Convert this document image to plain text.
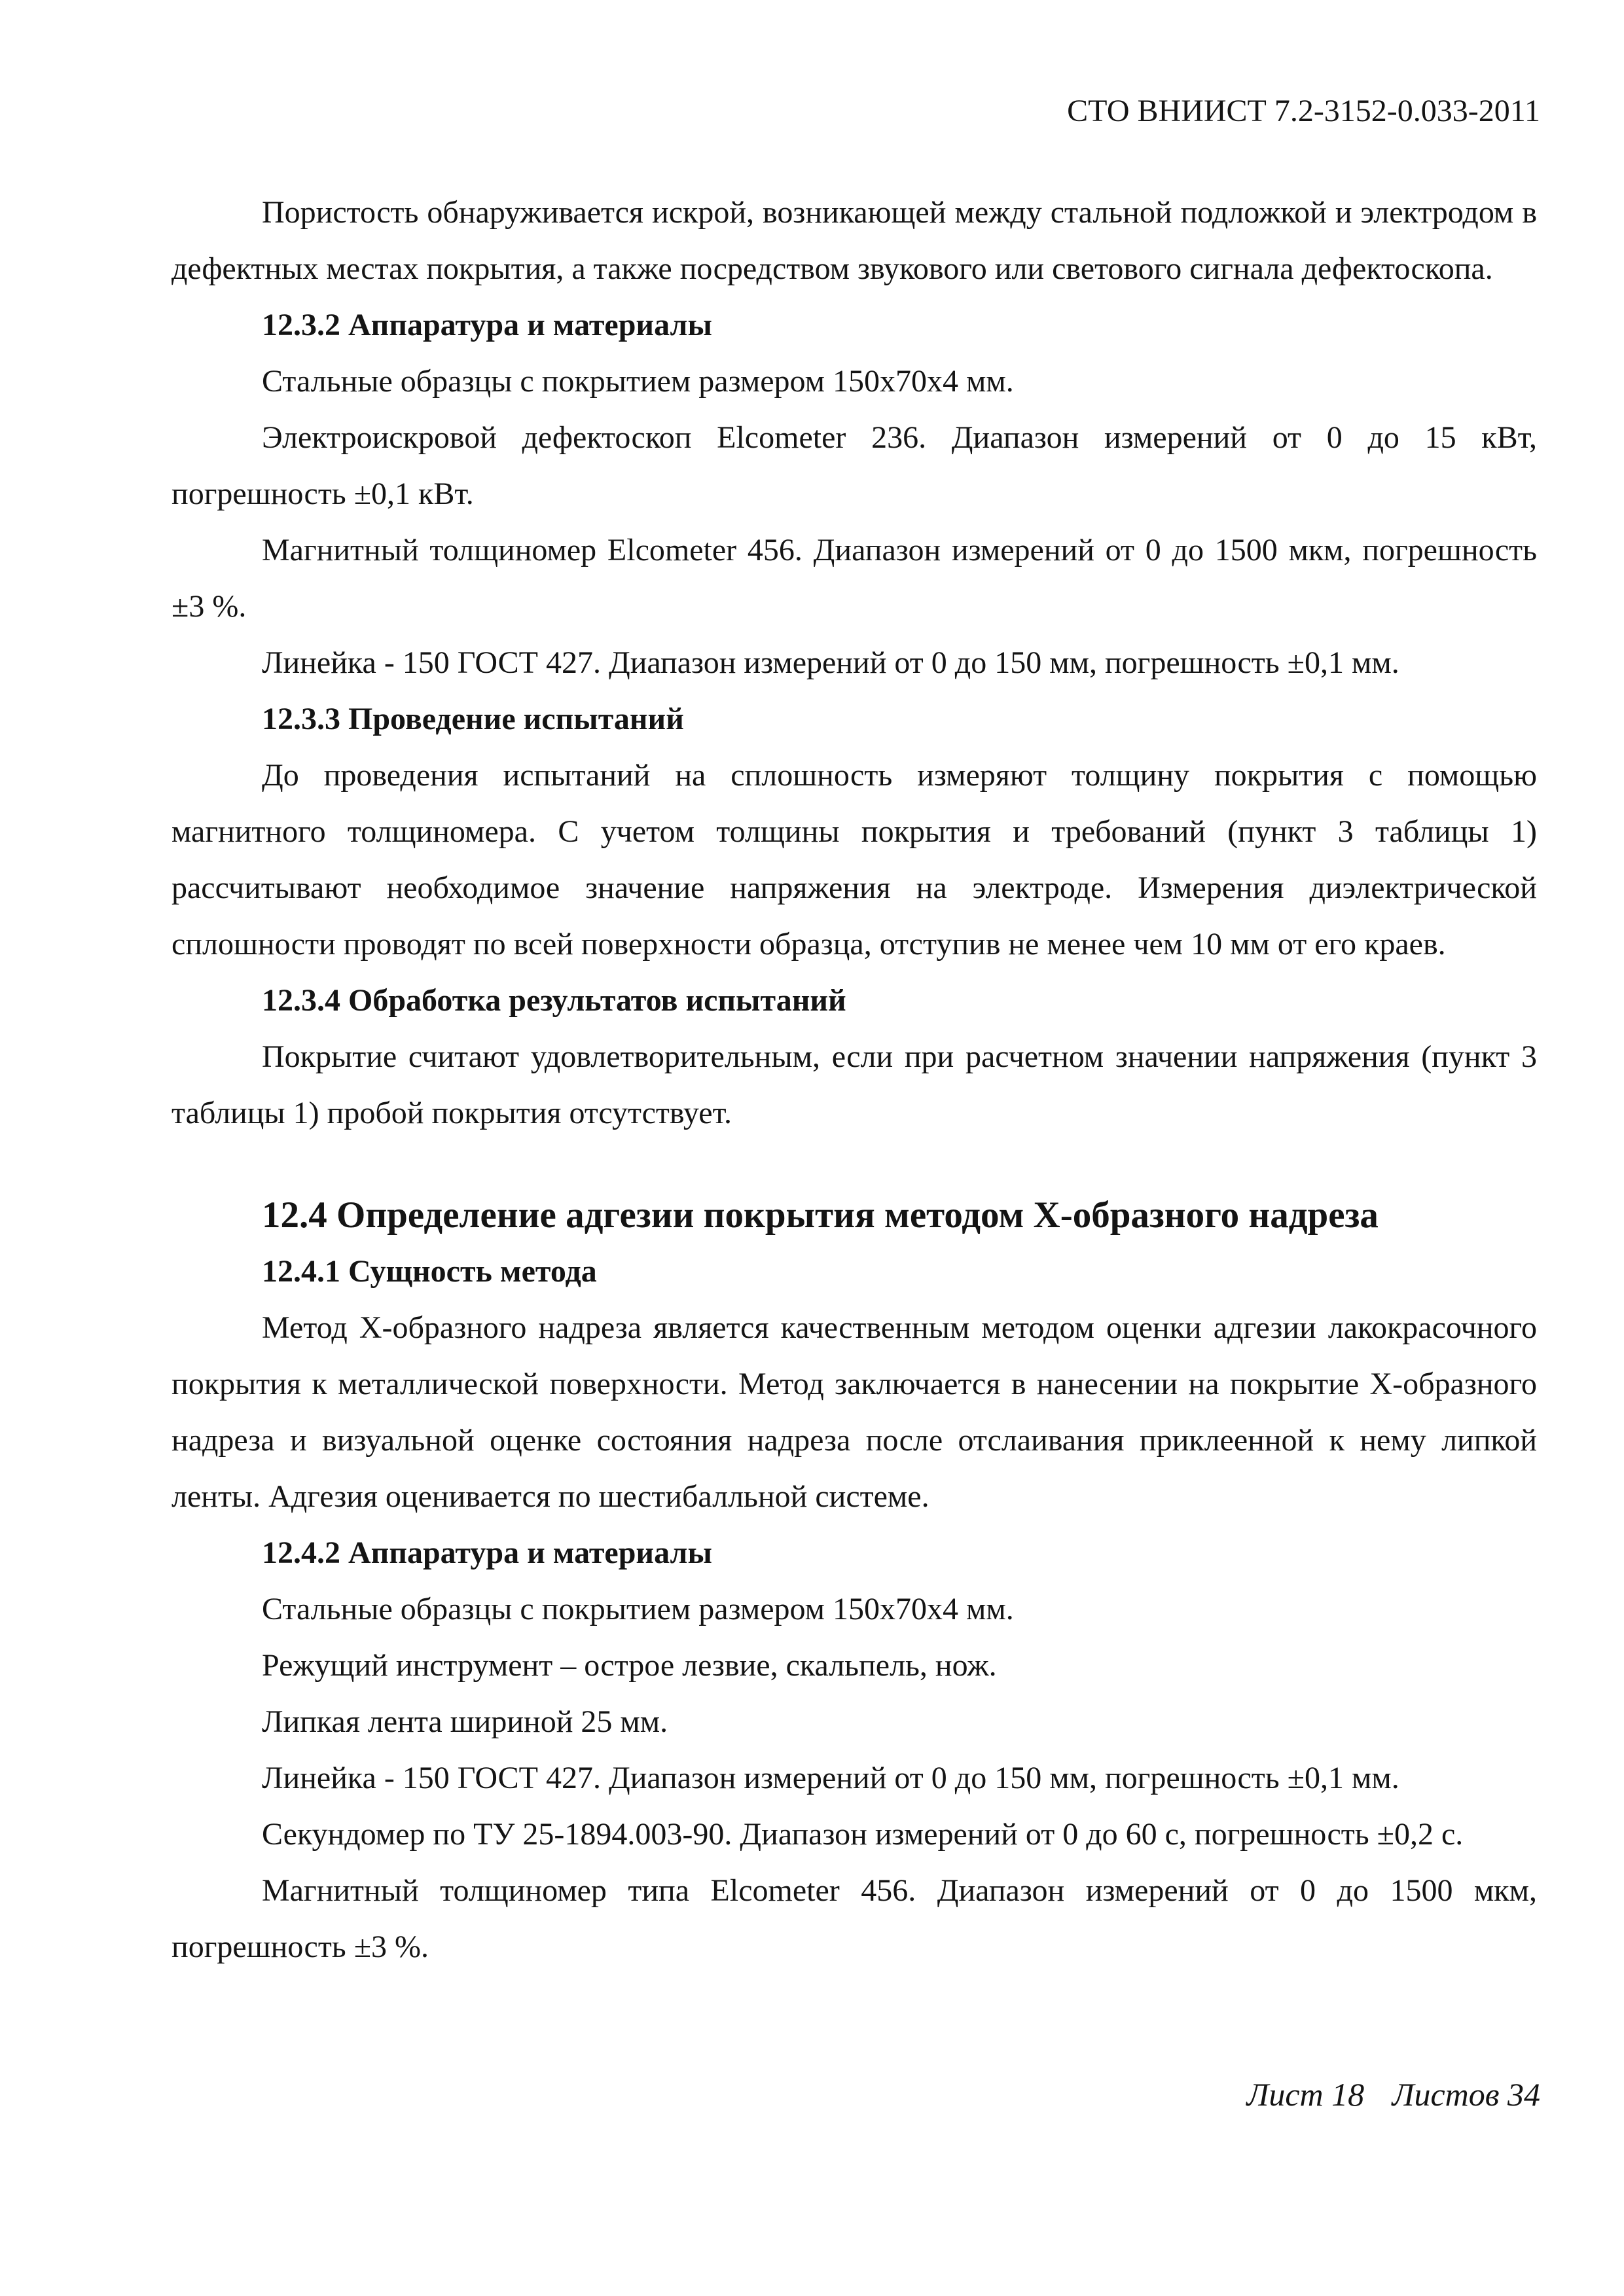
СТО ВНИИСТ 7.2-3152-0.033-2011

Пористость обнаруживается искрой, возникающей между стальной подложкой и электродом в дефектных местах покрытия, а также посредством звукового или светового сигнала дефектоскопа.

12.3.2 Аппаратура и материалы

Стальные образцы с покрытием размером 150х70х4 мм.

Электроискровой дефектоскоп Elcometer 236. Диапазон измерений от 0 до 15 кВт, погрешность ±0,1 кВт.

Магнитный толщиномер Elcometer 456. Диапазон измерений от 0 до 1500 мкм, погрешность ±3 %.

Линейка - 150 ГОСТ 427. Диапазон измерений от 0 до 150 мм, погрешность ±0,1 мм.

12.3.3 Проведение испытаний

До проведения испытаний на сплошность измеряют толщину покрытия с помощью магнитного толщиномера. С учетом толщины покрытия и требований (пункт 3 таблицы 1) рассчитывают необходимое значение напряжения на электроде. Измерения диэлектрической сплошности проводят по всей поверхности образца, отступив не менее чем 10 мм от его краев.

12.3.4 Обработка результатов испытаний

Покрытие считают удовлетворительным, если при расчетном значении напряжения (пункт 3 таблицы 1) пробой покрытия отсутствует.

12.4 Определение адгезии покрытия методом X-образного надреза
12.4.1 Сущность метода

Метод X-образного надреза является качественным методом оценки адгезии лакокрасочного покрытия к металлической поверхности. Метод заключается в нанесении на покрытие X-образного надреза и визуальной оценке состояния надреза после отслаивания приклеенной к нему липкой ленты. Адгезия оценивается по шестибалльной системе.

12.4.2 Аппаратура и материалы

Стальные образцы с покрытием размером 150х70х4 мм.

Режущий инструмент – острое лезвие, скальпель, нож.

Липкая лента шириной 25 мм.

Линейка - 150 ГОСТ 427. Диапазон измерений от 0 до 150 мм, погрешность ±0,1 мм.

Секундомер по ТУ 25-1894.003-90. Диапазон измерений от 0 до 60 с, погрешность ±0,2 с.

Магнитный толщиномер типа Elcometer 456. Диапазон измерений от 0 до 1500 мкм, погрешность ±3 %.

Лист 18 Листов 34
